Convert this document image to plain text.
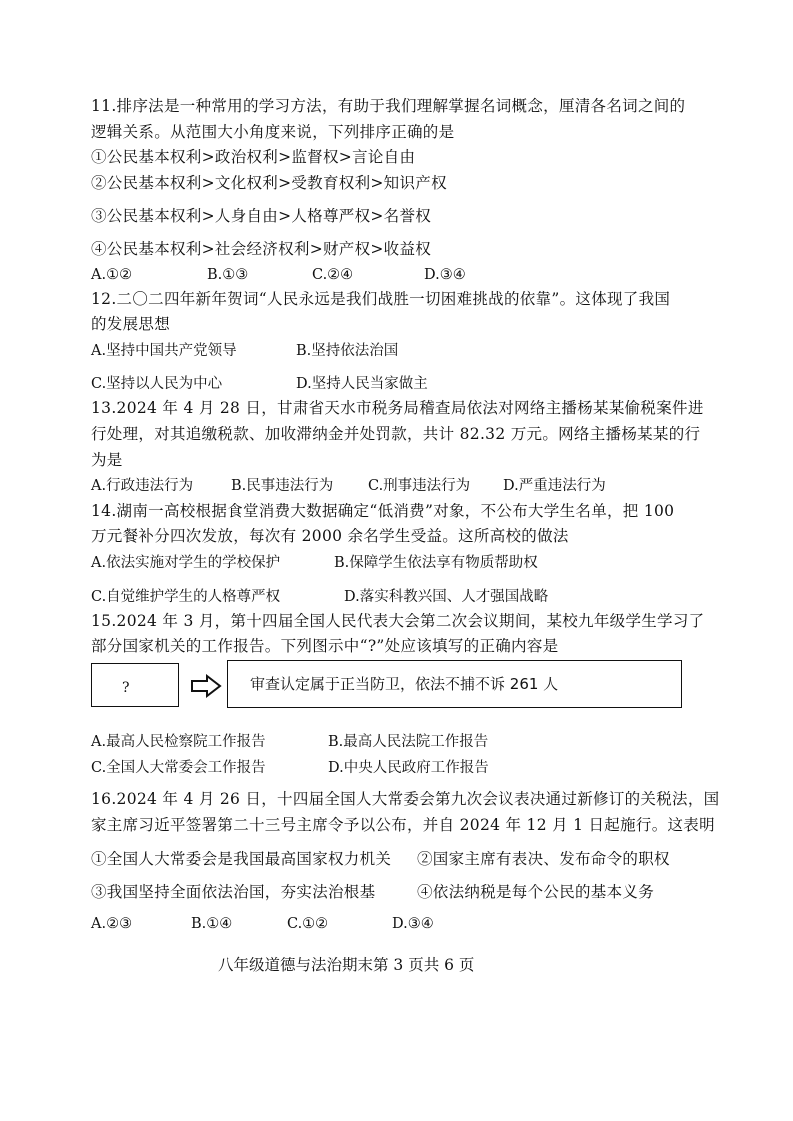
11.排序法是一种常用的学习方法，有助于我们理解掌握名词概念，厘清各名词之间的
逻辑关系。从范围大小角度来说，下列排序正确的是
①公民基本权利>政治权利>监督权>言论自由
②公民基本权利>文化权利>受教育权利>知识产权
③公民基本权利>人身自由>人格尊严权>名誉权
④公民基本权利>社会经济权利>财产权>收益权
A.①②	B.①③	C.②④	D.③④
12.二〇二四年新年贺词“人民永远是我们战胜一切困难挑战的依靠”。这体现了我国
的发展思想
A.坚持中国共产党领导	B.坚持依法治国
C.坚持以人民为中心	D.坚持人民当家做主
13.2024 年 4 月 28 日，甘肃省天水市税务局稽查局依法对网络主播杨某某偷税案件进
行处理，对其追缴税款、加收滞纳金并处罚款，共计 82.32 万元。网络主播杨某某的行
为是
A.行政违法行为	B.民事违法行为 C.刑事违法行为 D.严重违法行为
14.湖南一高校根据食堂消费大数据确定“低消费”对象，不公布大学生名单，把 100
万元餐补分四次发放，每次有 2000 余名学生受益。这所高校的做法
A.依法实施对学生的学校保护	B.保障学生依法享有物质帮助权
C.自觉维护学生的人格尊严权	D.落实科教兴国、人才强国战略
15.2024 年 3 月，第十四届全国人民代表大会第二次会议期间，某校九年级学生学习了
部分国家机关的工作报告。下列图示中“?”处应该填写的正确内容是
?	审查认定属于正当防卫，依法不捕不诉 261 人
A.最高人民检察院工作报告	B.最高人民法院工作报告
C.全国人大常委会工作报告	D.中央人民政府工作报告
16.2024 年 4 月 26 日，十四届全国人大常委会第九次会议表决通过新修订的关税法，国
家主席习近平签署第二十三号主席令予以公布，并自 2024 年 12 月 1 日起施行。这表明
①全国人大常委会是我国最高国家权力机关 ②国家主席有表决、发布命令的职权
③我国坚持全面依法治国，夯实法治根基	④依法纳税是每个公民的基本义务
A.②③	B.①④	C.①②	D.③④
八年级道德与法治期末第 3 页共 6 页
